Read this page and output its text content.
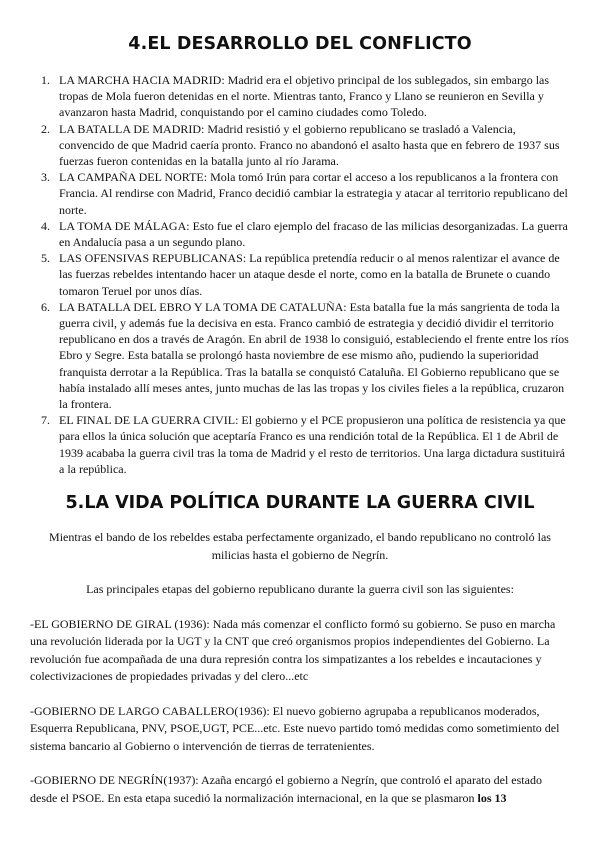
4.EL DESARROLLO DEL CONFLICTO
1. LA MARCHA HACIA MADRID: Madrid era el objetivo principal de los sublegados, sin embargo las tropas de Mola fueron detenidas en el norte. Mientras tanto, Franco y Llano se reunieron en Sevilla y avanzaron hasta Madrid, conquistando por el camino ciudades como Toledo.
2. LA BATALLA DE MADRID: Madrid resistió y el gobierno republicano se trasladó a Valencia, convencido de que Madrid caería pronto. Franco no abandonó el asalto hasta que en febrero de 1937 sus fuerzas fueron contenidas en la batalla junto al río Jarama.
3. LA CAMPAÑA DEL NORTE: Mola tomó Irún para cortar el acceso a los republicanos a la frontera con Francia. Al rendirse con Madrid, Franco decidió cambiar la estrategia y atacar al territorio republicano del norte.
4. LA TOMA DE MÁLAGA: Esto fue el claro ejemplo del fracaso de las milicias desorganizadas. La guerra en Andalucía pasa a un segundo plano.
5. LAS OFENSIVAS REPUBLICANAS: La república pretendía reducir o al menos ralentizar el avance de las fuerzas rebeldes intentando hacer un ataque desde el norte, como en la batalla de Brunete o cuando tomaron Teruel por unos días.
6. LA BATALLA DEL EBRO Y LA TOMA DE CATALUÑA: Esta batalla fue la más sangrienta de toda la guerra civil, y además fue la decisiva en esta. Franco cambió de estrategia y decidió dividir el territorio republicano en dos a través de Aragón. En abril de 1938 lo consiguió, estableciendo el frente entre los ríos Ebro y Segre. Esta batalla se prolongó hasta noviembre de ese mismo año, pudiendo la superioridad franquista derrotar a la República. Tras la batalla se conquistó Cataluña. El Gobierno republicano que se había instalado allí meses antes, junto muchas de las las tropas y los civiles fieles a la república, cruzaron la frontera.
7. EL FINAL DE LA GUERRA CIVIL: El gobierno y el PCE propusieron una política de resistencia ya que para ellos la única solución que aceptaría Franco es una rendición total de la República. El 1 de Abril de 1939 acababa la guerra civil tras la toma de Madrid y el resto de territorios. Una larga dictadura sustituirá a la república.
5.LA VIDA POLÍTICA DURANTE LA GUERRA CIVIL

Mientras el bando de los rebeldes estaba perfectamente organizado, el bando republicano no controló las milicias hasta el gobierno de Negrín.

Las principales etapas del gobierno republicano durante la guerra civil son las siguientes:

-EL GOBIERNO DE GIRAL (1936): Nada más comenzar el conflicto formó su gobierno. Se puso en marcha una revolución liderada por la UGT y la CNT que creó organismos propios independientes del Gobierno. La revolución fue acompañada de una dura represión contra los simpatizantes a los rebeldes e incautaciones y colectivizaciones de propiedades privadas y del clero...etc

-GOBIERNO DE LARGO CABALLERO(1936): El nuevo gobierno agrupaba a republicanos moderados, Esquerra Republicana, PNV, PSOE,UGT, PCE...etc. Este nuevo partido tomó medidas como sometimiento del sistema bancario al Gobierno o intervención de tierras de terratenientes.

-GOBIERNO DE NEGRÍN(1937): Azaña encargó el gobierno a Negrín, que controló el aparato del estado desde el PSOE. En esta etapa sucedió la normalización internacional, en la que se plasmaron los 13
